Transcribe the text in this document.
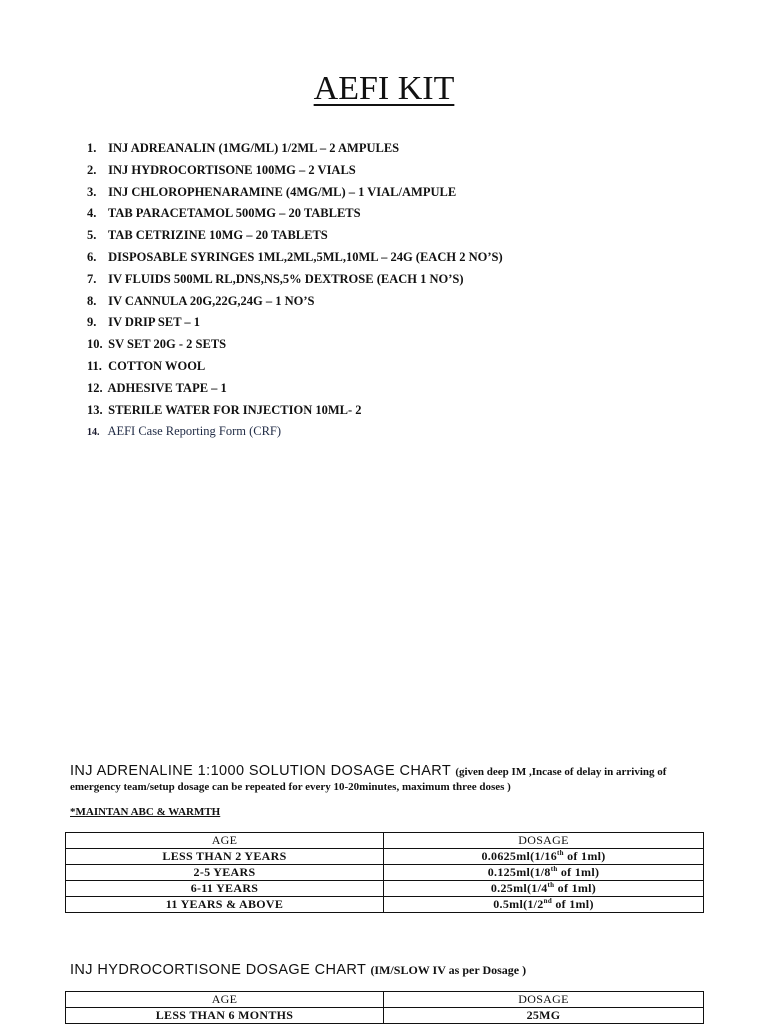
AEFI KIT
1. INJ ADREANALIN (1MG/ML) 1/2ML – 2 AMPULES
2. INJ HYDROCORTISONE 100MG – 2 VIALS
3. INJ CHLOROPHENARAMINE (4MG/ML) – 1 VIAL/AMPULE
4. TAB PARACETAMOL 500MG – 20 TABLETS
5. TAB CETRIZINE 10MG – 20 TABLETS
6. DISPOSABLE SYRINGES 1ML,2ML,5ML,10ML – 24G (EACH 2 NO’S)
7. IV FLUIDS 500ML RL,DNS,NS,5% DEXTROSE (EACH 1 NO’S)
8. IV CANNULA 20G,22G,24G – 1 NO’S
9. IV DRIP SET – 1
10. SV SET 20G - 2 SETS
11. COTTON WOOL
12. ADHESIVE TAPE – 1
13. STERILE WATER FOR INJECTION 10ML- 2
14. AEFI Case Reporting Form (CRF)
INJ ADRENALINE 1:1000 SOLUTION DOSAGE CHART (given deep IM ,Incase of delay in arriving of
emergency team/setup dosage can be repeated for every 10-20minutes, maximum three doses )
*MAINTAN ABC & WARMTH
AGE	DOSAGE
LESS THAN 2 YEARS	0.0625ml(1/16th of 1ml)
2-5 YEARS	0.125ml(1/8th of 1ml)
6-11 YEARS	0.25ml(1/4th of 1ml)
11 YEARS & ABOVE	0.5ml(1/2nd of 1ml)
INJ HYDROCORTISONE DOSAGE CHART (IM/SLOW IV as per Dosage )
AGE	DOSAGE
LESS THAN 6 MONTHS	25MG
